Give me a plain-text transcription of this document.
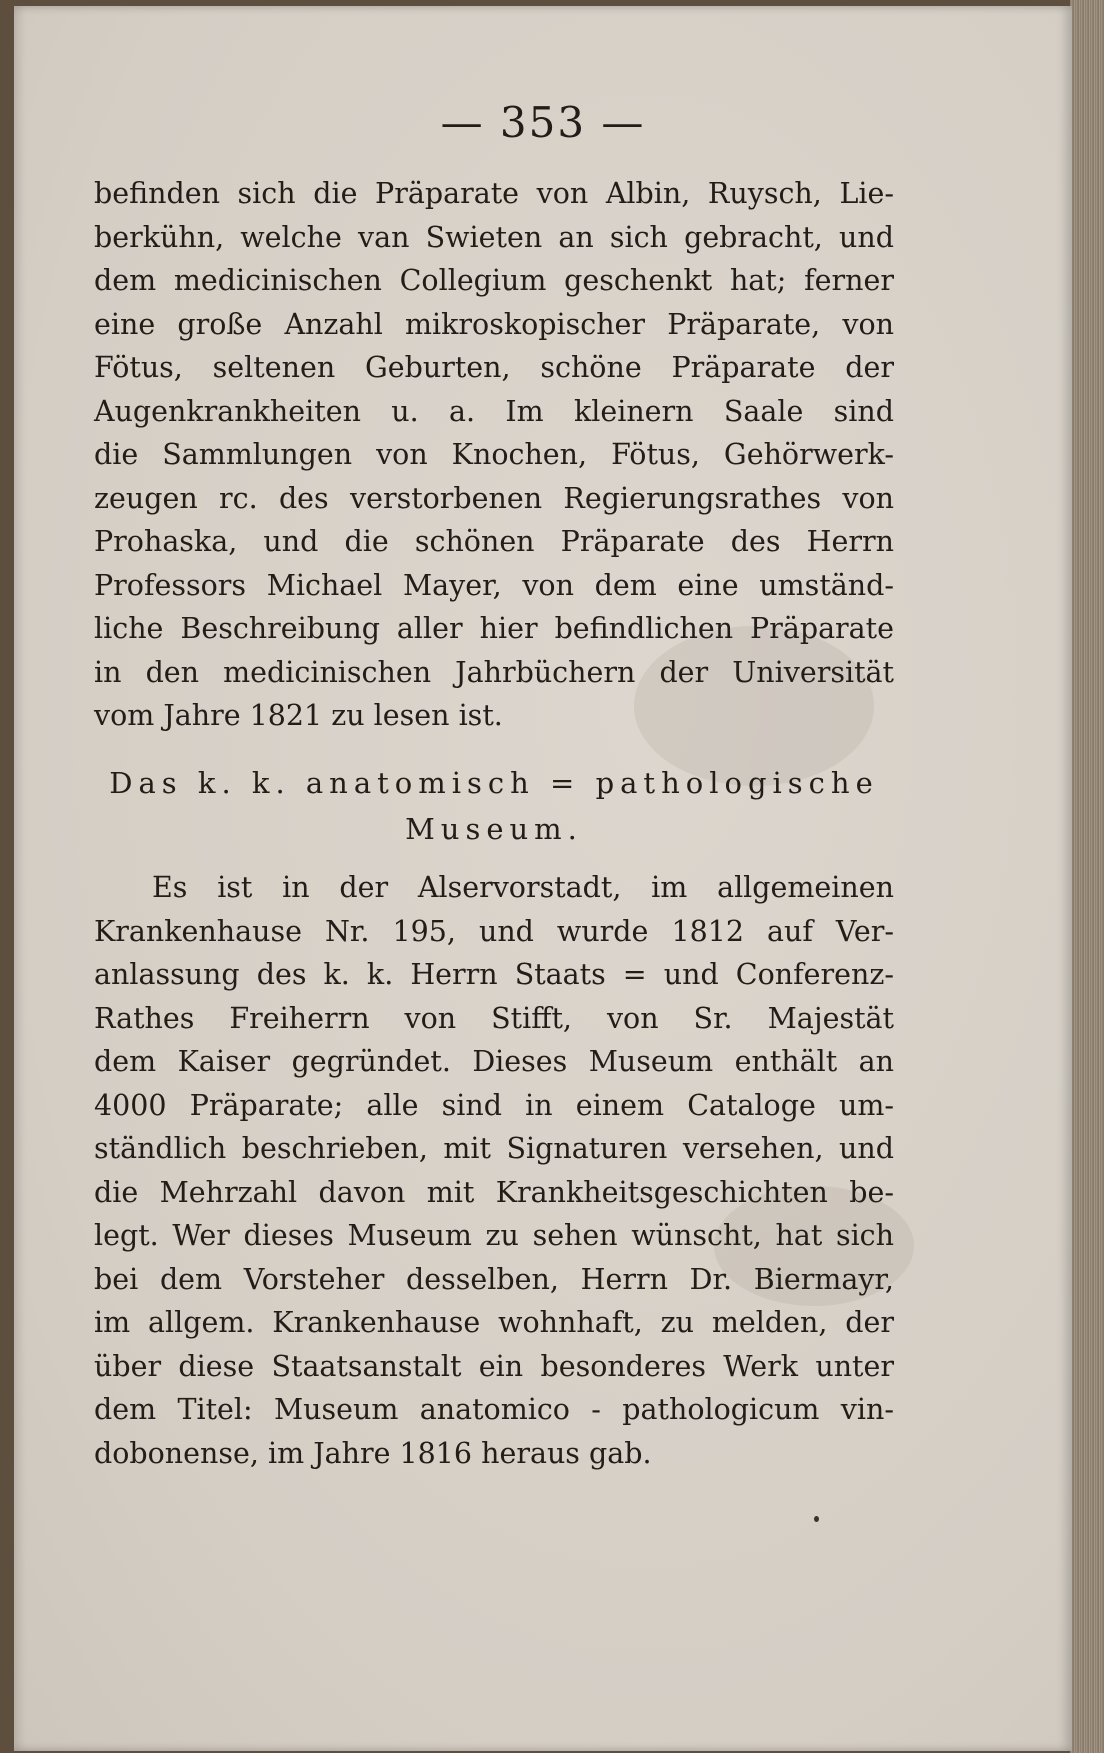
— 353 —
befinden sich die Präparate von Albin, Ruysch, Lie-
berkühn, welche van Swieten an sich gebracht, und
dem medicinischen Collegium geschenkt hat; ferner
eine große Anzahl mikroskopischer Präparate, von
Fötus, seltenen Geburten, schöne Präparate der
Augenkrankheiten u. a. Im kleinern Saale sind
die Sammlungen von Knochen, Fötus, Gehörwerk-
zeugen rc. des verstorbenen Regierungsrathes von
Prohaska, und die schönen Präparate des Herrn
Professors Michael Mayer, von dem eine umständ-
liche Beschreibung aller hier befindlichen Präparate
in den medicinischen Jahrbüchern der Universität
vom Jahre 1821 zu lesen ist.
Das k. k. anatomisch = pathologische
Museum.
Es ist in der Alservorstadt, im allgemeinen
Krankenhause Nr. 195, und wurde 1812 auf Ver-
anlassung des k. k. Herrn Staats = und Conferenz-
Rathes Freiherrn von Stifft, von Sr. Majestät
dem Kaiser gegründet. Dieses Museum enthält an
4000 Präparate; alle sind in einem Cataloge um-
ständlich beschrieben, mit Signaturen versehen, und
die Mehrzahl davon mit Krankheitsgeschichten be-
legt. Wer dieses Museum zu sehen wünscht, hat sich
bei dem Vorsteher desselben, Herrn Dr. Biermayr,
im allgem. Krankenhause wohnhaft, zu melden, der
über diese Staatsanstalt ein besonderes Werk unter
dem Titel: Museum anatomico - pathologicum vin-
dobonense, im Jahre 1816 heraus gab.
